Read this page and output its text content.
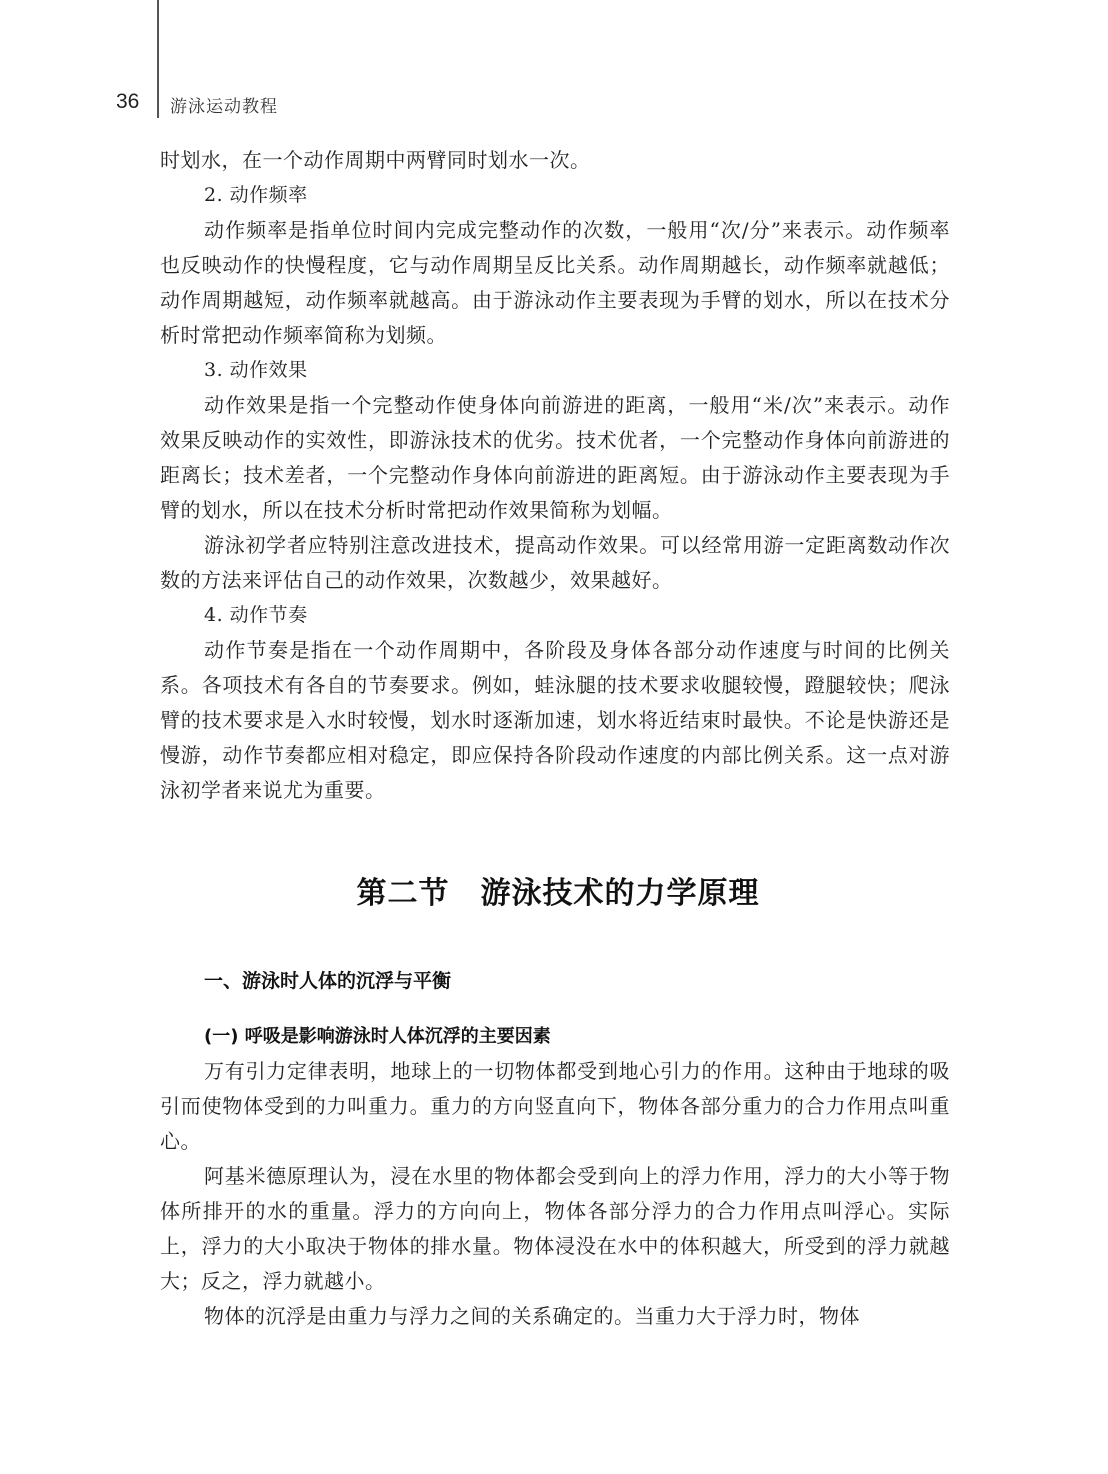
36 游泳运动教程

时划水，在一个动作周期中两臂同时划水一次。

2. 动作频率

动作频率是指单位时间内完成完整动作的次数，一般用“次/分”来表示。动作频率也反映动作的快慢程度，它与动作周期呈反比关系。动作周期越长，动作频率就越低；动作周期越短，动作频率就越高。由于游泳动作主要表现为手臂的划水，所以在技术分析时常把动作频率简称为划频。

3. 动作效果

动作效果是指一个完整动作使身体向前游进的距离，一般用“米/次”来表示。动作效果反映动作的实效性，即游泳技术的优劣。技术优者，一个完整动作身体向前游进的距离长；技术差者，一个完整动作身体向前游进的距离短。由于游泳动作主要表现为手臂的划水，所以在技术分析时常把动作效果简称为划幅。

游泳初学者应特别注意改进技术，提高动作效果。可以经常用游一定距离数动作次数的方法来评估自己的动作效果，次数越少，效果越好。

4. 动作节奏

动作节奏是指在一个动作周期中，各阶段及身体各部分动作速度与时间的比例关系。各项技术有各自的节奏要求。例如，蛙泳腿的技术要求收腿较慢，蹬腿较快；爬泳臂的技术要求是入水时较慢，划水时逐渐加速，划水将近结束时最快。不论是快游还是慢游，动作节奏都应相对稳定，即应保持各阶段动作速度的内部比例关系。这一点对游泳初学者来说尤为重要。

第二节　游泳技术的力学原理
一、游泳时人体的沉浮与平衡
(一) 呼吸是影响游泳时人体沉浮的主要因素

万有引力定律表明，地球上的一切物体都受到地心引力的作用。这种由于地球的吸引而使物体受到的力叫重力。重力的方向竖直向下，物体各部分重力的合力作用点叫重心。

阿基米德原理认为，浸在水里的物体都会受到向上的浮力作用，浮力的大小等于物体所排开的水的重量。浮力的方向向上，物体各部分浮力的合力作用点叫浮心。实际上，浮力的大小取决于物体的排水量。物体浸没在水中的体积越大，所受到的浮力就越大；反之，浮力就越小。

物体的沉浮是由重力与浮力之间的关系确定的。当重力大于浮力时，物体
